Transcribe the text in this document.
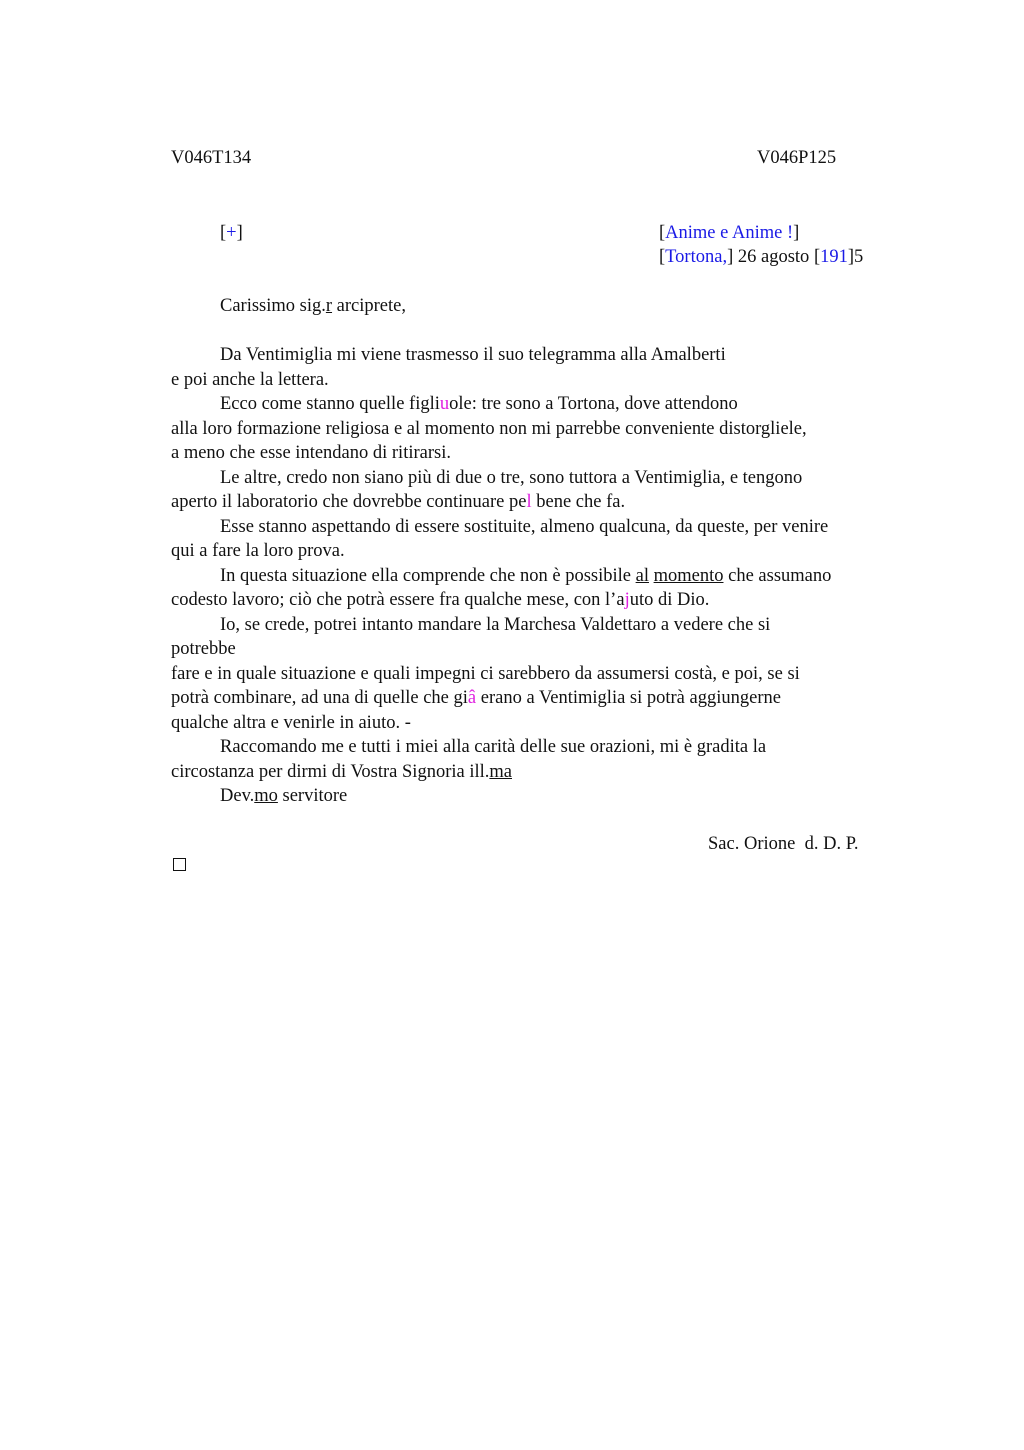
V046T134	V046P125
[+]	[Anime e Anime !]
[Tortona,] 26 agosto [191]5
Carissimo sig.r arciprete,
Da Ventimiglia mi viene trasmesso il suo telegramma alla Amalberti
e poi anche la lettera.
Ecco come stanno quelle figliuole: tre sono a Tortona, dove attendono
alla loro formazione religiosa e al momento non mi parrebbe conveniente distorgliele,
a meno che esse intendano di ritirarsi.
Le altre, credo non siano più di due o tre, sono tuttora a Ventimiglia, e tengono
aperto il laboratorio che dovrebbe continuare pel bene che fa.
Esse stanno aspettando di essere sostituite, almeno qualcuna, da queste, per venire
qui a fare la loro prova.
In questa situazione ella comprende che non è possibile al momento che assumano
codesto lavoro; ciò che potrà essere fra qualche mese, con l’ajuto di Dio.
Io, se crede, potrei intanto mandare la Marchesa Valdettaro a vedere che si
potrebbe
fare e in quale situazione e quali impegni ci sarebbero da assumersi costà, e poi, se si
potrà combinare, ad una di quelle che giâ erano a Ventimiglia si potrà aggiungerne
qualche altra e venirle in aiuto. -
Raccomando me e tutti i miei alla carità delle sue orazioni, mi è gradita la
circostanza per dirmi di Vostra Signoria ill.ma
Dev.mo servitore
Sac. Orione  d. D. P.
